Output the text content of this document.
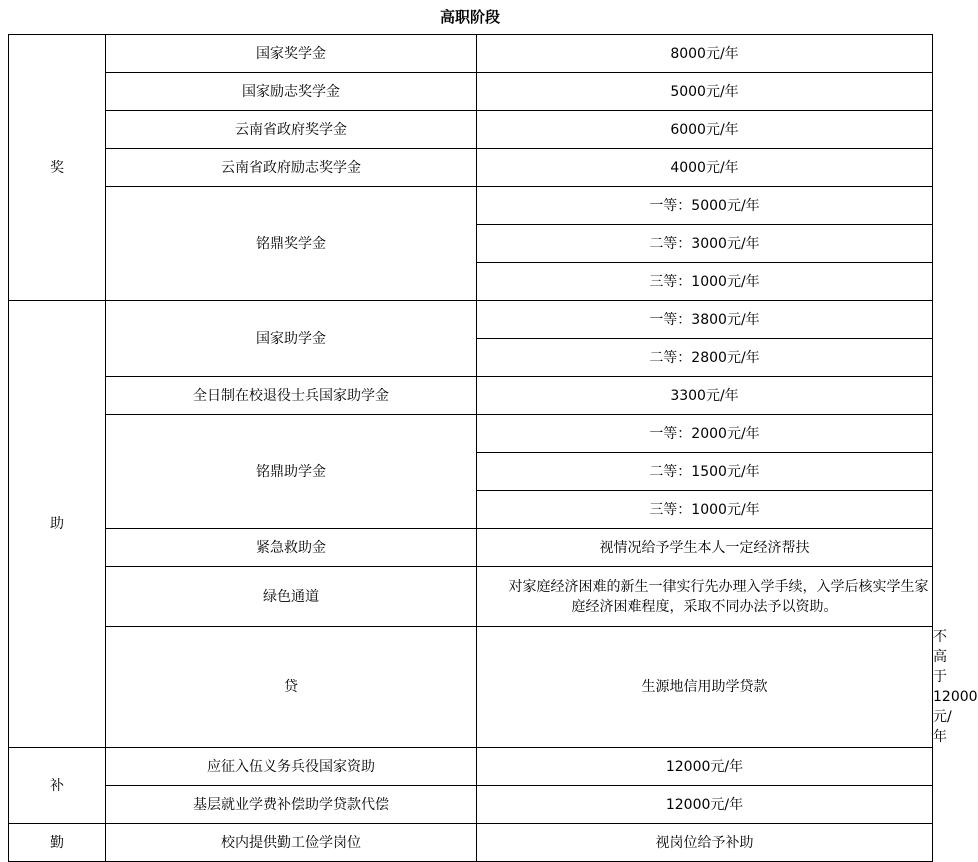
高职阶段
奖	国家奖学金	8000元/年	
	国家励志奖学金	5000元/年	
	云南省政府奖学金	6000元/年	
	云南省政府励志奖学金	4000元/年	
	铭鼎奖学金	一等：5000元/年	
		二等：3000元/年	
		三等：1000元/年	
助	国家助学金	一等：3800元/年	
		二等：2800元/年	
	全日制在校退役士兵国家助学金	3300元/年	
	铭鼎助学金	一等：2000元/年	
		二等：1500元/年	
		三等：1000元/年	
	紧急救助金	视情况给予学生本人一定经济帮扶	
	绿色通道	对家庭经济困难的新生一律实行先办理入学手续，入学后核实学生家庭经济困难程度，采取不同办法予以资助。	
	贷	生源地信用助学贷款	不高于12000元/年
补	应征入伍义务兵役国家资助	12000元/年	
	基层就业学费补偿助学贷款代偿	12000元/年	
勤	校内提供勤工俭学岗位	视岗位给予补助	
